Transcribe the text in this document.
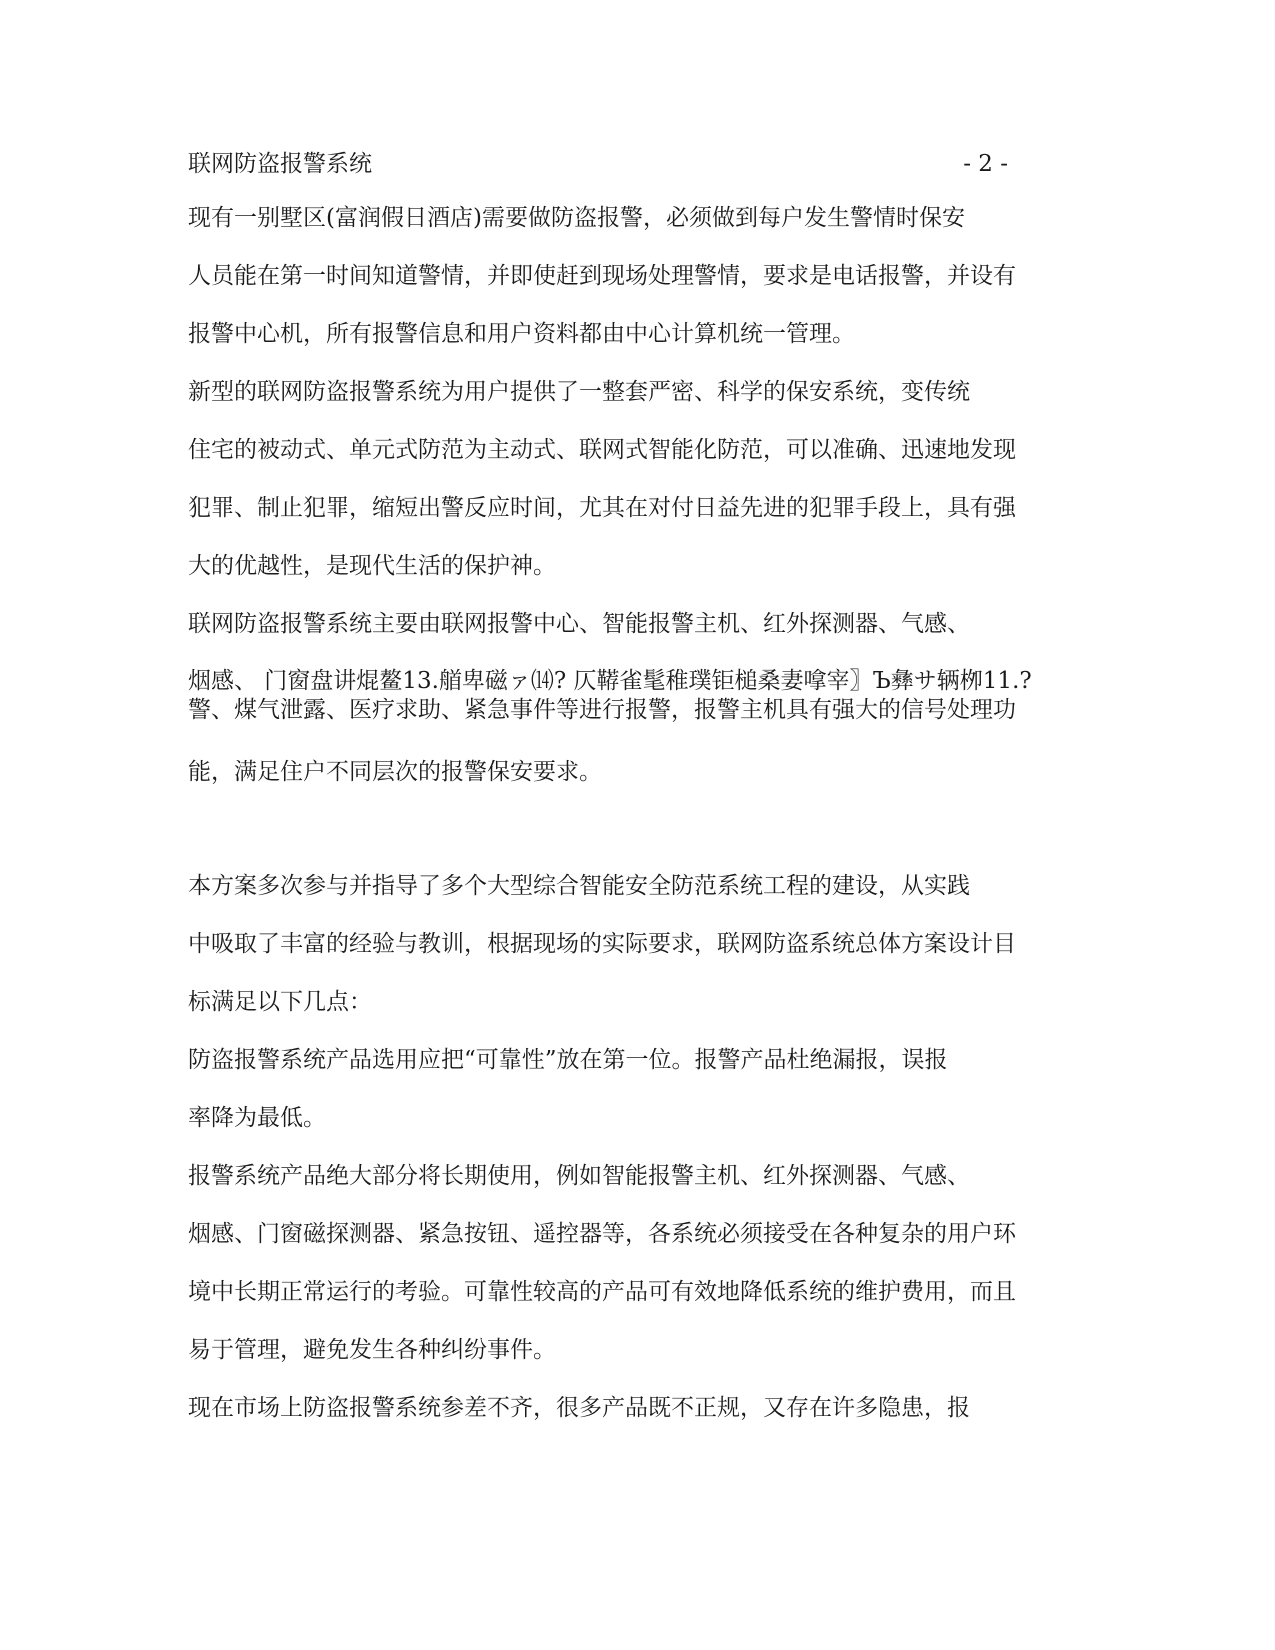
联网防盗报警系统	- 2 -
现有一别墅区(富润假日酒店)需要做防盗报警，必须做到每户发生警情时保安
人员能在第一时间知道警情，并即使赶到现场处理警情，要求是电话报警，并设有
报警中心机，所有报警信息和用户资料都由中心计算机统一管理。
新型的联网防盗报警系统为用户提供了一整套严密、科学的保安系统，变传统
住宅的被动式、单元式防范为主动式、联网式智能化防范，可以准确、迅速地发现
犯罪、制止犯罪，缩短出警反应时间，尤其在对付日益先进的犯罪手段上，具有强
大的优越性，是现代生活的保护神。
联网防盗报警系统主要由联网报警中心、智能报警主机、红外探测器、气感、
烟感、 门窗盘讲焜鳌13.艏卑磁ァ⒁? 仄鞯雀髦稚璞钜槌桑妻嗱宰〗Ъ彝サ辆栁11.?
警、煤气泄露、医疗求助、紧急事件等进行报警，报警主机具有强大的信号处理功
能，满足住户不同层次的报警保安要求。
本方案多次参与并指导了多个大型综合智能安全防范系统工程的建设，从实践
中吸取了丰富的经验与教训，根据现场的实际要求，联网防盗系统总体方案设计目
标满足以下几点：
防盗报警系统产品选用应把“可靠性”放在第一位。报警产品杜绝漏报，误报
率降为最低。
报警系统产品绝大部分将长期使用，例如智能报警主机、红外探测器、气感、
烟感、门窗磁探测器、紧急按钮、遥控器等，各系统必须接受在各种复杂的用户环
境中长期正常运行的考验。可靠性较高的产品可有效地降低系统的维护费用，而且
易于管理，避免发生各种纠纷事件。
现在市场上防盗报警系统参差不齐，很多产品既不正规，又存在许多隐患，报
